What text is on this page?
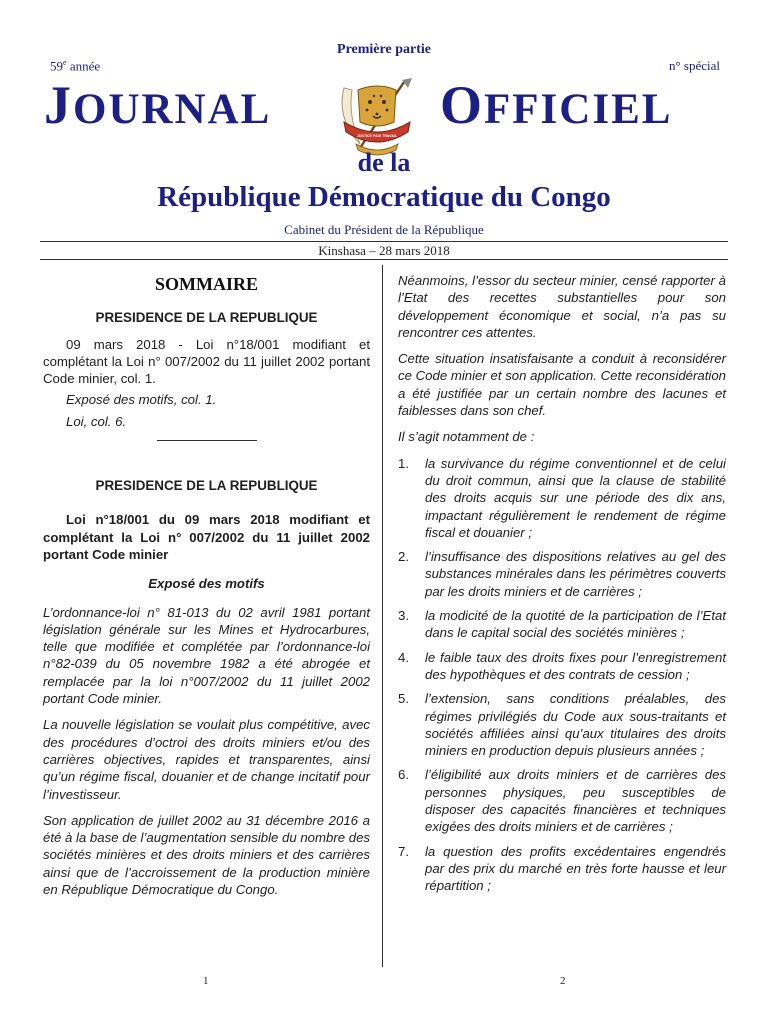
Première partie
59e année	n° spécial
JOURNAL
JUSTICE PAIX TRAVAIL
OFFICIEL
de la
République Démocratique du Congo
Cabinet du Président de la République
Kinshasa – 28 mars 2018
SOMMAIRE
PRESIDENCE DE LA REPUBLIQUE
09 mars 2018 - Loi n°18/001 modifiant et complétant la Loi n° 007/2002 du 11 juillet 2002 portant Code minier, col. 1.
Exposé des motifs, col. 1.
Loi, col. 6.
PRESIDENCE DE LA REPUBLIQUE
Loi n°18/001 du 09 mars 2018 modifiant et complétant la Loi n° 007/2002 du 11 juillet 2002 portant Code minier
Exposé des motifs
L’ordonnance-loi n° 81-013 du 02 avril 1981 portant législation générale sur les Mines et Hydrocarbures, telle que modifiée et complétée par l’ordonnance-loi n°82-039 du 05 novembre 1982 a été abrogée et remplacée par la loi n°007/2002 du 11 juillet 2002 portant Code minier.
La nouvelle législation se voulait plus compétitive, avec des procédures d’octroi des droits miniers et/ou des carrières objectives, rapides et transparentes, ainsi qu’un régime fiscal, douanier et de change incitatif pour l’investisseur.
Son application de juillet 2002 au 31 décembre 2016 a été à la base de l’augmentation sensible du nombre des sociétés minières et des droits miniers et des carrières ainsi que de l’accroissement de la production minière en République Démocratique du Congo.
Néanmoins, l’essor du secteur minier, censé rapporter à l’Etat des recettes substantielles pour son développement économique et social, n’a pas su rencontrer ces attentes.
Cette situation insatisfaisante a conduit à reconsidérer ce Code minier et son application. Cette reconsidération a été justifiée par un certain nombre des lacunes et faiblesses dans son chef.
Il s’agit notamment de :
1.	la survivance du régime conventionnel et de celui du droit commun, ainsi que la clause de stabilité des droits acquis sur une période des dix ans, impactant régulièrement le rendement de régime fiscal et douanier ;
2.	l’insuffisance des dispositions relatives au gel des substances minérales dans les périmètres couverts par les droits miniers et de carrières ;
3.	la modicité de la quotité de la participation de l’Etat dans le capital social des sociétés minières ;
4.	le faible taux des droits fixes pour l’enregistrement des hypothèques et des contrats de cession ;
5.	l’extension, sans conditions préalables, des régimes privilégiés du Code aux sous-traitants et sociétés affiliées ainsi qu’aux titulaires des droits miniers en production depuis plusieurs années ;
6.	l’éligibilité aux droits miniers et de carrières des personnes physiques, peu susceptibles de disposer des capacités financières et techniques exigées des droits miniers et de carrières ;
7.	la question des profits excédentaires engendrés par des prix du marché en très forte hausse et leur répartition ;
1	2
